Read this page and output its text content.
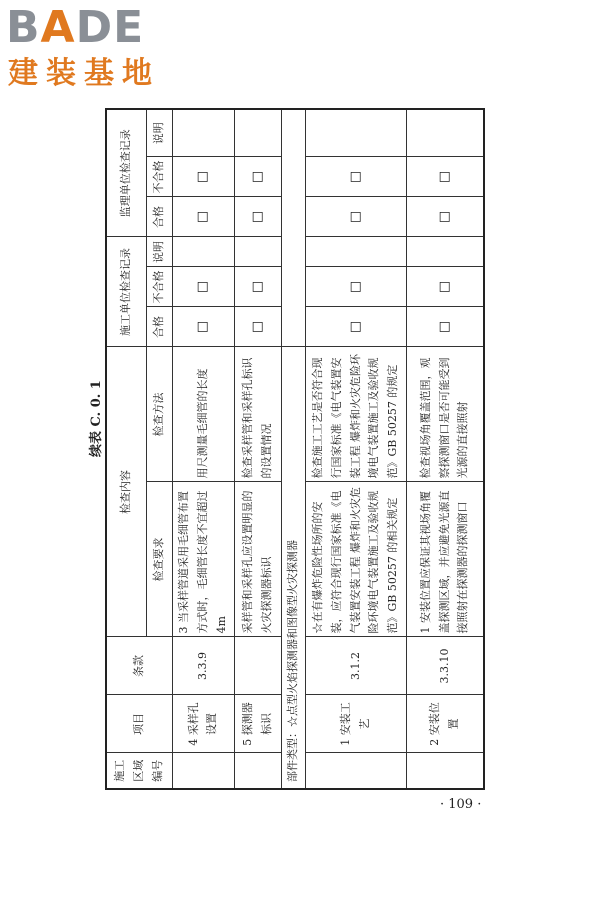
BADE
建装基地
续表 C. 0. 1
施工区域编号	项目	条款	检查内容		施工单位检查记录			监理单位检查记录		
			检查要求	检查方法	合格	不合格	说明	合格	不合格	说明
	4 采样孔设置	3.3.9	3 当采样管道采用毛细管布置方式时，毛细管长度不宜超过 4m	用尺测量毛细管的长度	□	□		□	□	
	5 探测器标识		采样管和采样孔应设置明显的火灾探测器标识	检查采样管和采样孔标识的设置情况	□	□		□	□	
部件类型：☆点型火焰探测器和图像型火灾探测器										
	1 安装工艺	3.1.2	☆在有爆炸危险性场所的安装，应符合现行国家标准《电气装置安装工程 爆炸和火灾危险环境电气装置施工及验收规范》GB 50257 的相关规定	检查施工工艺是否符合现行国家标准《电气装置安装工程 爆炸和火灾危险环境电气装置施工及验收规范》GB 50257 的规定	□	□		□	□	
	2 安装位置	3.3.10	1 安装位置应保证其视场角覆盖探测区域，并应避免光源直接照射在探测器的探测窗口	检查视场角覆盖范围，观察探测窗口是否可能受到光源的直接照射	□	□		□	□	
· 109 ·
